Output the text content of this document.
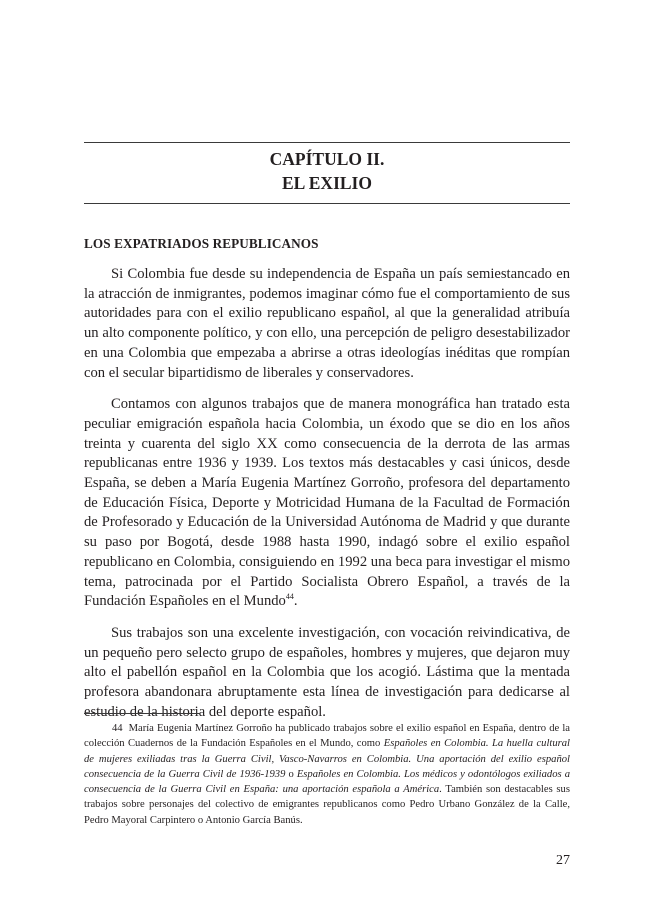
CAPÍTULO II.
EL EXILIO
LOS EXPATRIADOS REPUBLICANOS

Si Colombia fue desde su independencia de España un país semiestancado en la atracción de inmigrantes, podemos imaginar cómo fue el comportamiento de sus autoridades para con el exilio republicano español, al que la generalidad atribuía un alto componente político, y con ello, una percepción de peligro desestabilizador en una Colombia que empezaba a abrirse a otras ideologías inéditas que rompían con el secular bipartidismo de liberales y conservadores.

Contamos con algunos trabajos que de manera monográfica han tratado esta peculiar emigración española hacia Colombia, un éxodo que se dio en los años treinta y cuarenta del siglo XX como consecuencia de la derrota de las armas republicanas entre 1936 y 1939. Los textos más destacables y casi únicos, desde España, se deben a María Eugenia Martínez Gorroño, profesora del departamento de Educación Física, Deporte y Motricidad Humana de la Facultad de Formación de Profesorado y Educación de la Universidad Autónoma de Madrid y que durante su paso por Bogotá, desde 1988 hasta 1990, indagó sobre el exilio español republicano en Colombia, consiguiendo en 1992 una beca para investigar el mismo tema, patrocinada por el Partido Socialista Obrero Español, a través de la Fundación Españoles en el Mundo$^{44}$.

Sus trabajos son una excelente investigación, con vocación reivindicativa, de un pequeño pero selecto grupo de españoles, hombres y mujeres, que dejaron muy alto el pabellón español en la Colombia que los acogió. Lástima que la mentada profesora abandonara abruptamente esta línea de investigación para dedicarse al estudio de la historia del deporte español.

44 María Eugenia Martínez Gorroño ha publicado trabajos sobre el exilio español en España, dentro de la colección Cuadernos de la Fundación Españoles en el Mundo, como Españoles en Colombia. La huella cultural de mujeres exiliadas tras la Guerra Civil, Vasco-Navarros en Colombia. Una aportación del exilio español consecuencia de la Guerra Civil de 1936-1939 o Españoles en Colombia. Los médicos y odontólogos exiliados a consecuencia de la Guerra Civil en España: una aportación española a América. También son destacables sus trabajos sobre personajes del colectivo de emigrantes republicanos como Pedro Urbano González de la Calle, Pedro Mayoral Carpintero o Antonio García Banús.

27
